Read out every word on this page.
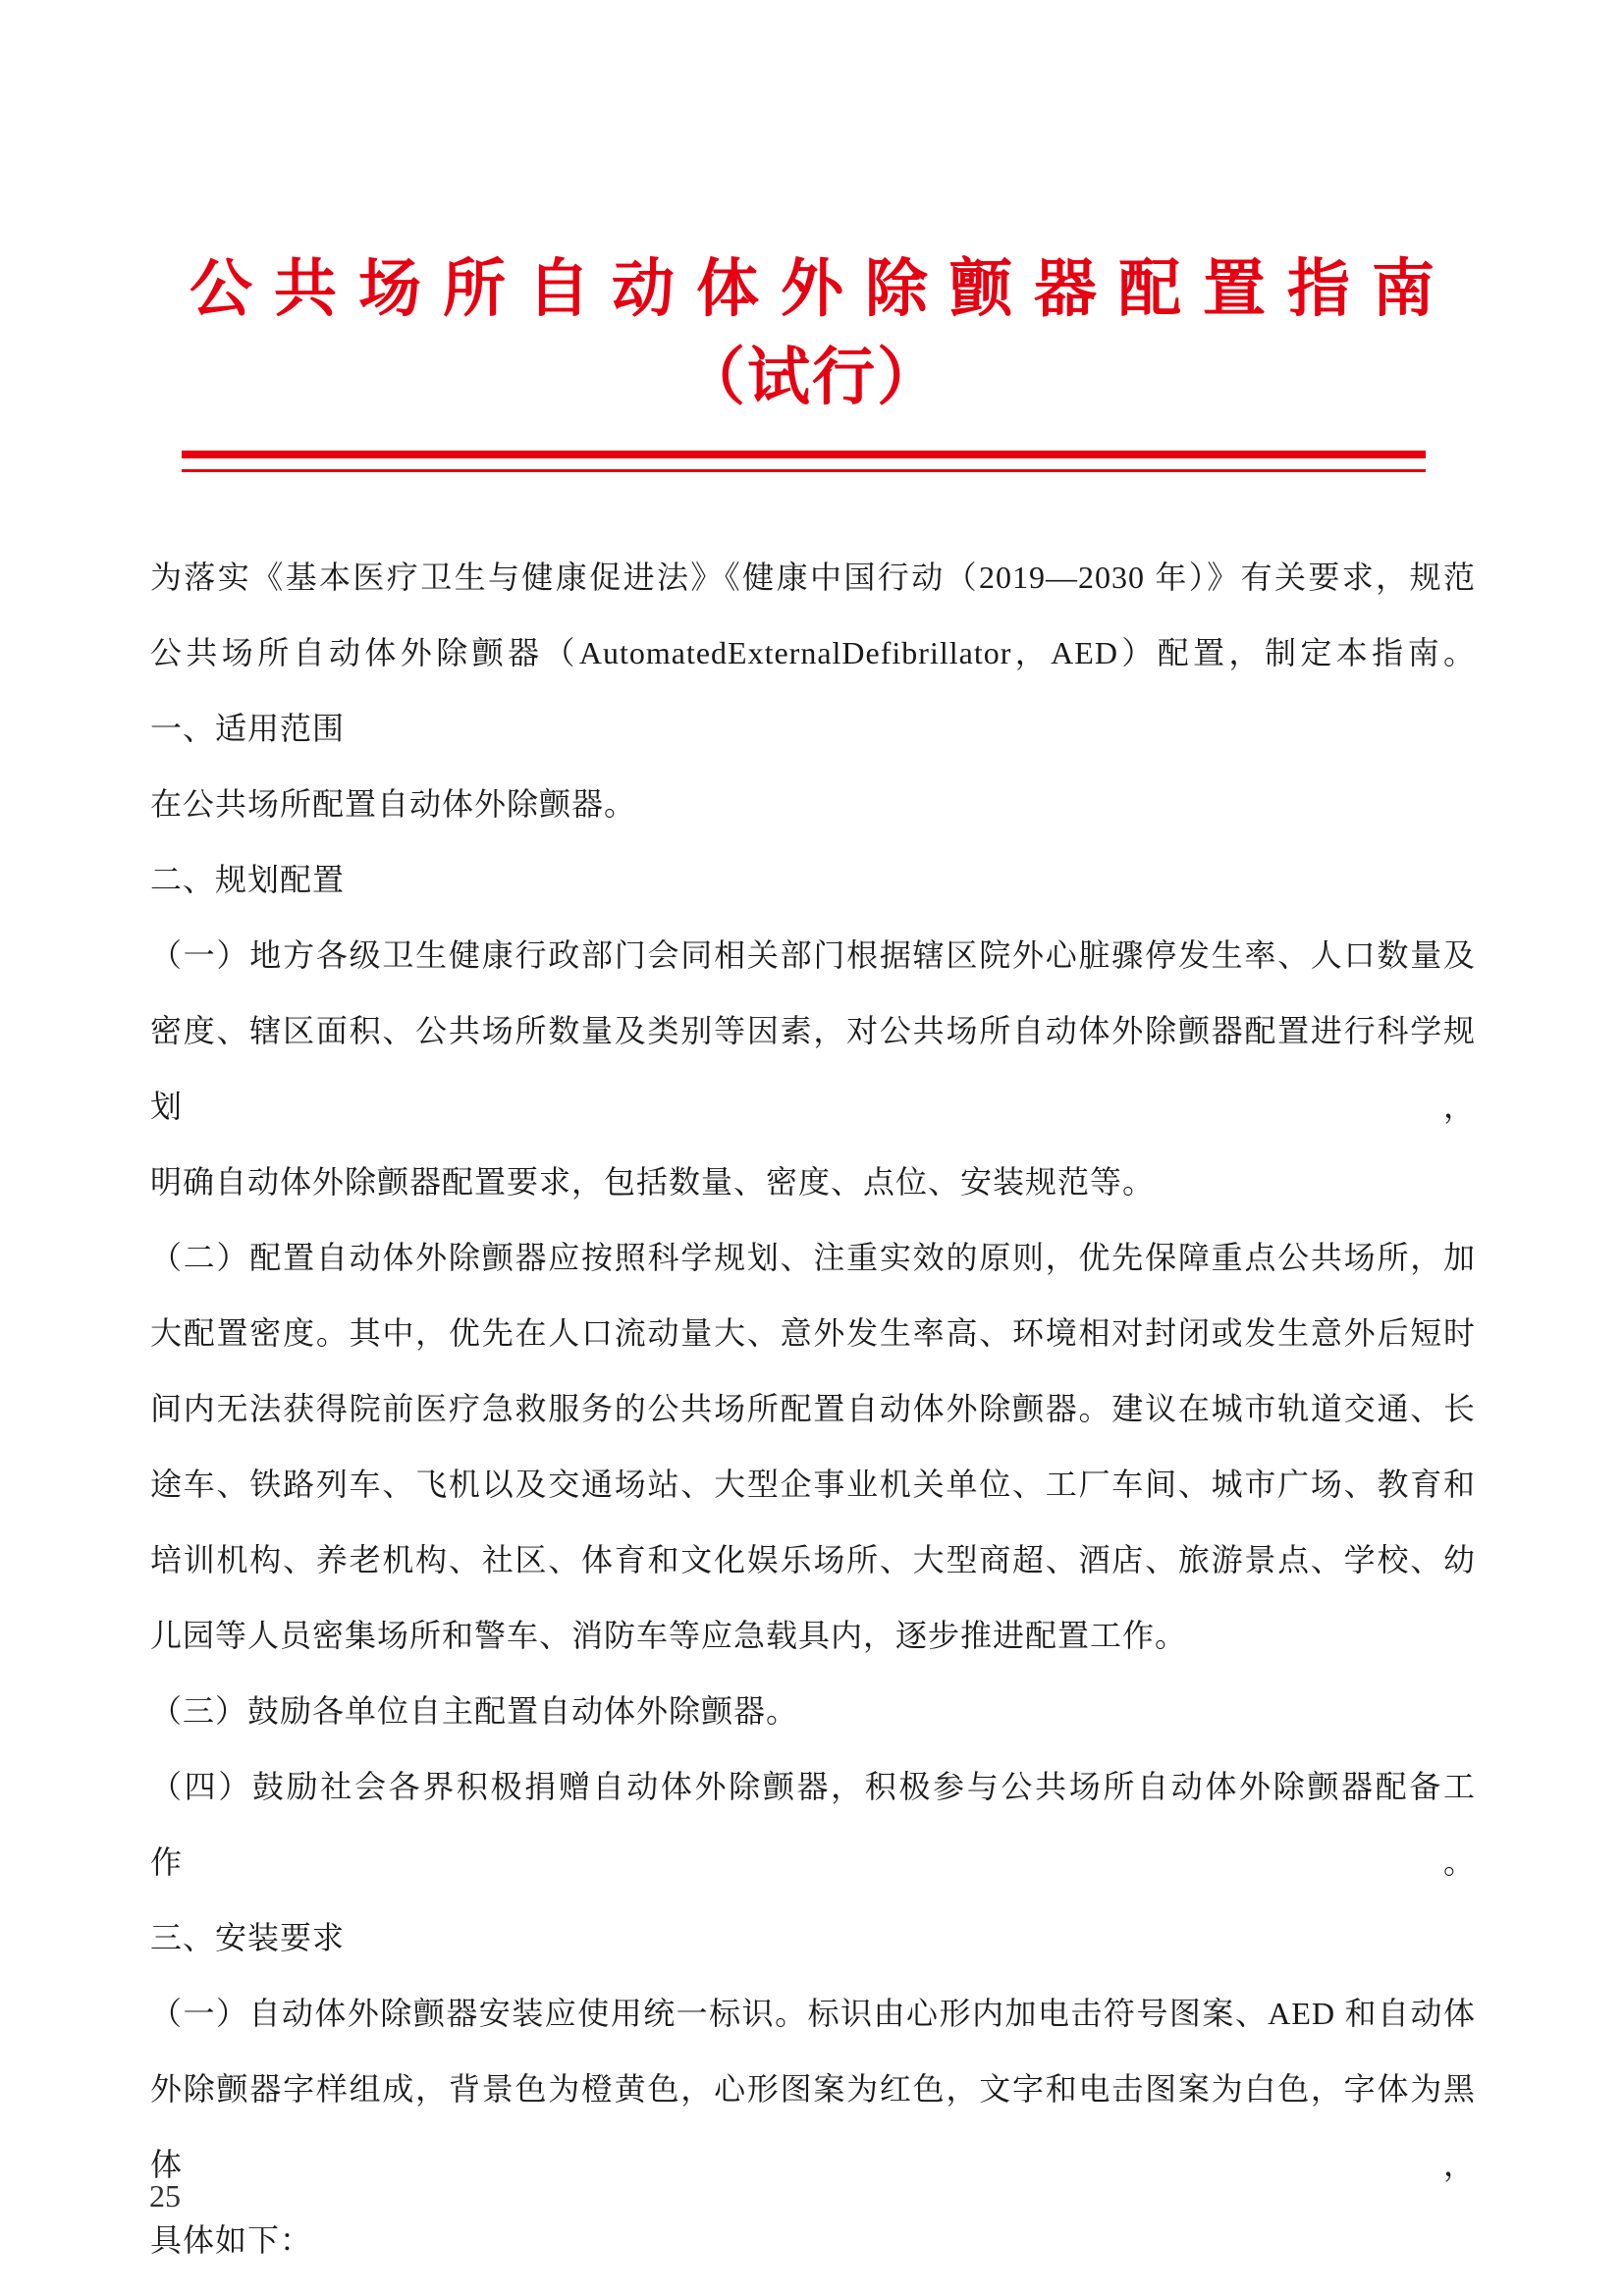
公共场所自动体外除颤器配置指南
（试行）
为落实《基本医疗卫生与健康促进法》《健康中国行动（2019—2030 年）》有关要求，规范
公共场所自动体外除颤器（AutomatedExternalDefibrillator，AED）配置，制定本指南。
一、适用范围
在公共场所配置自动体外除颤器。
二、规划配置
（一）地方各级卫生健康行政部门会同相关部门根据辖区院外心脏骤停发生率、人口数量及
密度、辖区面积、公共场所数量及类别等因素，对公共场所自动体外除颤器配置进行科学规划，
明确自动体外除颤器配置要求，包括数量、密度、点位、安装规范等。
（二）配置自动体外除颤器应按照科学规划、注重实效的原则，优先保障重点公共场所，加
大配置密度。其中，优先在人口流动量大、意外发生率高、环境相对封闭或发生意外后短时
间内无法获得院前医疗急救服务的公共场所配置自动体外除颤器。建议在城市轨道交通、长
途车、铁路列车、飞机以及交通场站、大型企事业机关单位、工厂车间、城市广场、教育和
培训机构、养老机构、社区、体育和文化娱乐场所、大型商超、酒店、旅游景点、学校、幼
儿园等人员密集场所和警车、消防车等应急载具内，逐步推进配置工作。
（三）鼓励各单位自主配置自动体外除颤器。
（四）鼓励社会各界积极捐赠自动体外除颤器，积极参与公共场所自动体外除颤器配备工作。
三、安装要求
（一）自动体外除颤器安装应使用统一标识。标识由心形内加电击符号图案、AED 和自动体
外除颤器字样组成，背景色为橙黄色，心形图案为红色，文字和电击图案为白色，字体为黑体，
具体如下：
25
